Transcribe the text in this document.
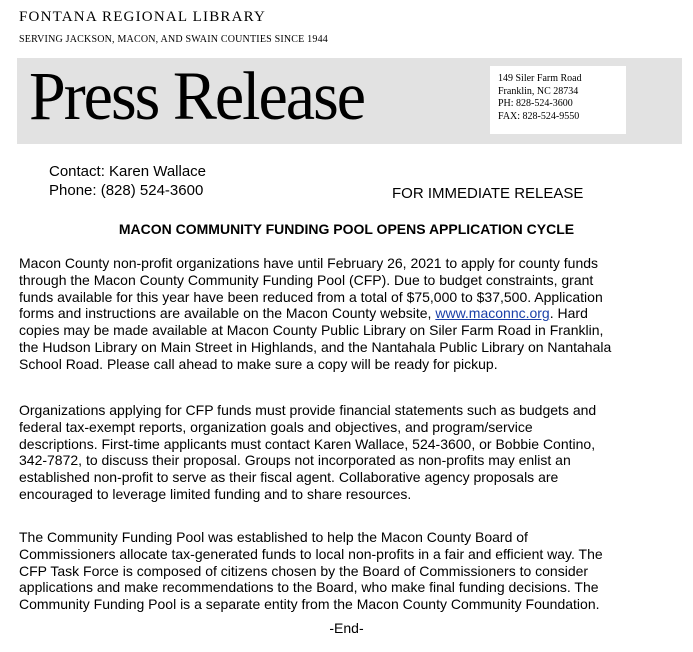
FONTANA REGIONAL LIBRARY
SERVING JACKSON, MACON, AND SWAIN COUNTIES SINCE 1944
Press Release	149 Siler Farm Road
Franklin, NC 28734
PH: 828-524-3600
FAX: 828-524-9550
Contact: Karen Wallace
Phone: (828) 524-3600	FOR IMMEDIATE RELEASE
MACON COMMUNITY FUNDING POOL OPENS APPLICATION CYCLE
Macon County non-profit organizations have until February 26, 2021 to apply for county funds
through the Macon County Community Funding Pool (CFP). Due to budget constraints, grant
funds available for this year have been reduced from a total of $75,000 to $37,500. Application
forms and instructions are available on the Macon County website, www.maconnc.org. Hard
copies may be made available at Macon County Public Library on Siler Farm Road in Franklin,
the Hudson Library on Main Street in Highlands, and the Nantahala Public Library on Nantahala
School Road. Please call ahead to make sure a copy will be ready for pickup.
Organizations applying for CFP funds must provide financial statements such as budgets and
federal tax-exempt reports, organization goals and objectives, and program/service
descriptions. First-time applicants must contact Karen Wallace, 524-3600, or Bobbie Contino,
342-7872, to discuss their proposal. Groups not incorporated as non-profits may enlist an
established non-profit to serve as their fiscal agent. Collaborative agency proposals are
encouraged to leverage limited funding and to share resources.
The Community Funding Pool was established to help the Macon County Board of
Commissioners allocate tax-generated funds to local non-profits in a fair and efficient way. The
CFP Task Force is composed of citizens chosen by the Board of Commissioners to consider
applications and make recommendations to the Board, who make final funding decisions. The
Community Funding Pool is a separate entity from the Macon County Community Foundation.
-End-
